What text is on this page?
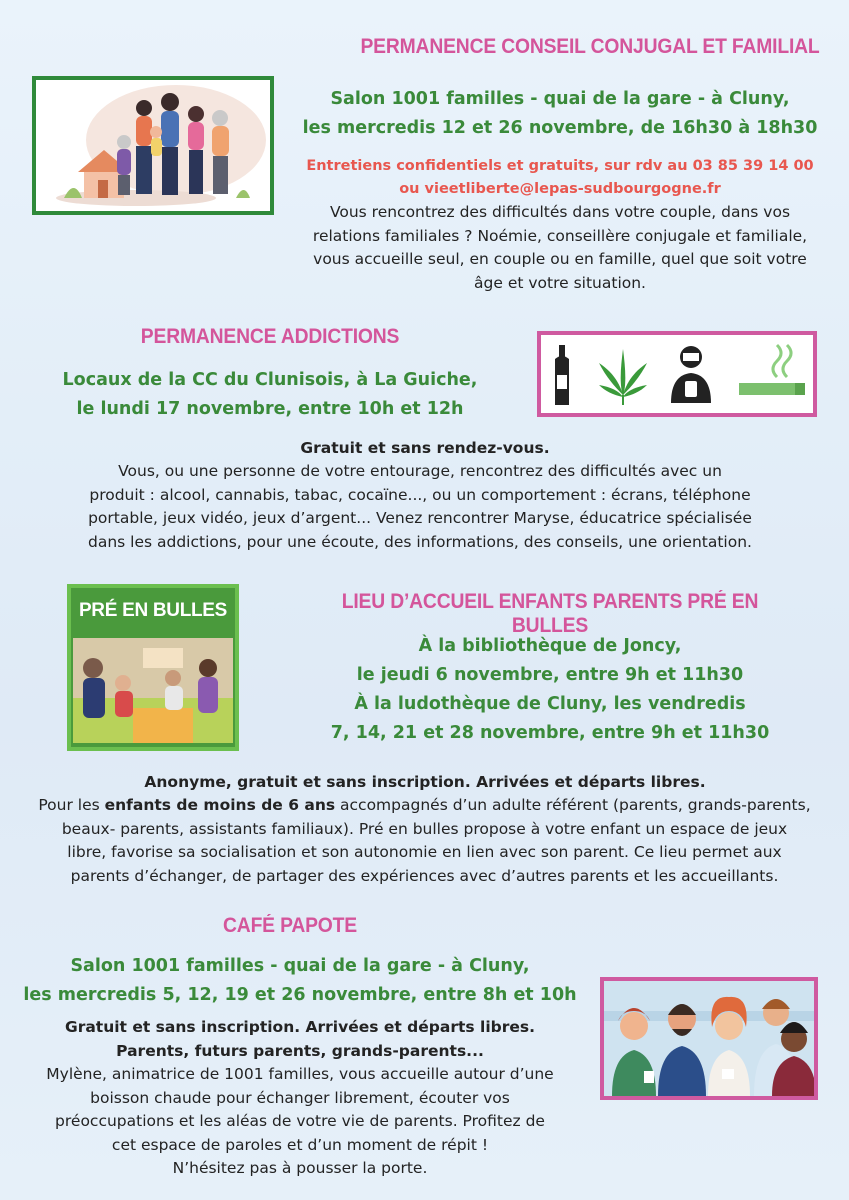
PERMANENCE CONSEIL CONJUGAL ET FAMILIAL
Salon 1001 familles - quai de la gare - à Cluny,
les mercredis 12 et 26 novembre, de 16h30 à 18h30
Entretiens confidentiels et gratuits, sur rdv au 03 85 39 14 00
ou vieetliberte@lepas-sudbourgogne.fr
Vous rencontrez des difficultés dans votre couple, dans vos
relations familiales ? Noémie, conseillère conjugale et familiale,
vous accueille seul, en couple ou en famille, quel que soit votre
âge et votre situation.
PERMANENCE ADDICTIONS
Locaux de la CC du Clunisois, à La Guiche,
le lundi 17 novembre, entre 10h et 12h
Gratuit et sans rendez-vous.
Vous, ou une personne de votre entourage, rencontrez des difficultés avec un
produit : alcool, cannabis, tabac, cocaïne..., ou un comportement : écrans, téléphone
portable, jeux vidéo, jeux d’argent... Venez rencontrer Maryse, éducatrice spécialisée
dans les addictions, pour une écoute, des informations, des conseils, une orientation.
PRÉ EN BULLES	LIEU D’ACCUEIL ENFANTS PARENTS PRÉ EN BULLES
À la bibliothèque de Joncy,
le jeudi 6 novembre, entre 9h et 11h30
À la ludothèque de Cluny, les vendredis
7, 14, 21 et 28 novembre, entre 9h et 11h30
Anonyme, gratuit et sans inscription. Arrivées et départs libres.
Pour les enfants de moins de 6 ans accompagnés d’un adulte référent (parents, grands-parents,
beaux- parents, assistants familiaux). Pré en bulles propose à votre enfant un espace de jeux
libre, favorise sa socialisation et son autonomie en lien avec son parent. Ce lieu permet aux
parents d’échanger, de partager des expériences avec d’autres parents et les accueillants.
CAFÉ PAPOTE
Salon 1001 familles - quai de la gare - à Cluny,
les mercredis 5, 12, 19 et 26 novembre, entre 8h et 10h
Gratuit et sans inscription. Arrivées et départs libres.
Parents, futurs parents, grands-parents...
Mylène, animatrice de 1001 familles, vous accueille autour d’une
boisson chaude pour échanger librement, écouter vos
préoccupations et les aléas de votre vie de parents. Profitez de
cet espace de paroles et d’un moment de répit !
N’hésitez pas à pousser la porte.
